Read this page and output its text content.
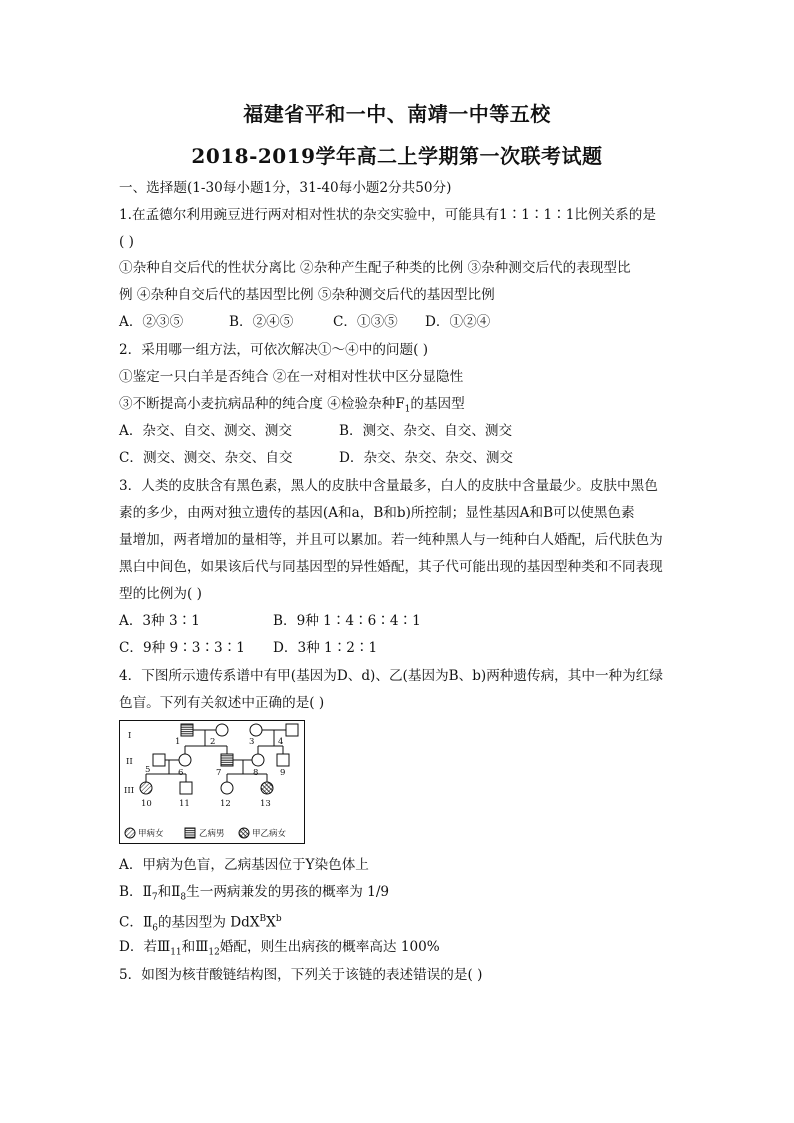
福建省平和一中、南靖一中等五校
2018-2019学年高二上学期第一次联考试题
一、选择题(1-30每小题1分，31-40每小题2分共50分)
1.在孟德尔利用豌豆进行两对相对性状的杂交实验中，可能具有1∶1∶1∶1比例关系的是
( )
①杂种自交后代的性状分离比 ②杂种产生配子种类的比例 ③杂种测交后代的表现型比
例 ④杂种自交后代的基因型比例 ⑤杂种测交后代的基因型比例
A．②③⑤	B．②④⑤	C．①③⑤ D．①②④
2．采用哪一组方法，可依次解决①～④中的问题( )
①鉴定一只白羊是否纯合 ②在一对相对性状中区分显隐性
③不断提高小麦抗病品种的纯合度 ④检验杂种$F_1$的基因型
A．杂交、自交、测交、测交	B．测交、杂交、自交、测交
C．测交、测交、杂交、自交	D．杂交、杂交、杂交、测交
3．人类的皮肤含有黑色素，黑人的皮肤中含量最多，白人的皮肤中含量最少。皮肤中黑色
素的多少，由两对独立遗传的基因(A和a，B和b)所控制；显性基因A和B可以使黑色素
量增加，两者增加的量相等，并且可以累加。若一纯种黑人与一纯种白人婚配，后代肤色为
黑白中间色，如果该后代与同基因型的异性婚配，其子代可能出现的基因型种类和不同表现
型的比例为( )
A．3种 3∶1	B．9种 1∶4∶6∶4∶1
C．9种 9∶3∶3∶1 D．3种 1∶2∶1
4．下图所示遗传系谱中有甲(基因为D、d)、乙(基因为B、b)两种遗传病，其中一种为红绿
色盲。下列有关叙述中正确的是( )
I
II
III
1	2	3	4
5	6	7	8	9
10	11	12	13
甲病女	乙病男	甲乙病女
A．甲病为色盲，乙病基因位于Y染色体上
B．$Ⅱ_7$和$Ⅱ_8$生一两病兼发的男孩的概率为 1/9
C．$Ⅱ_6$的基因型为 $DdX^BX^b$
D．若$Ⅲ_{11}$和$Ⅲ_{12}$婚配，则生出病孩的概率高达 100%
5．如图为核苷酸链结构图，下列关于该链的表述错误的是( )
